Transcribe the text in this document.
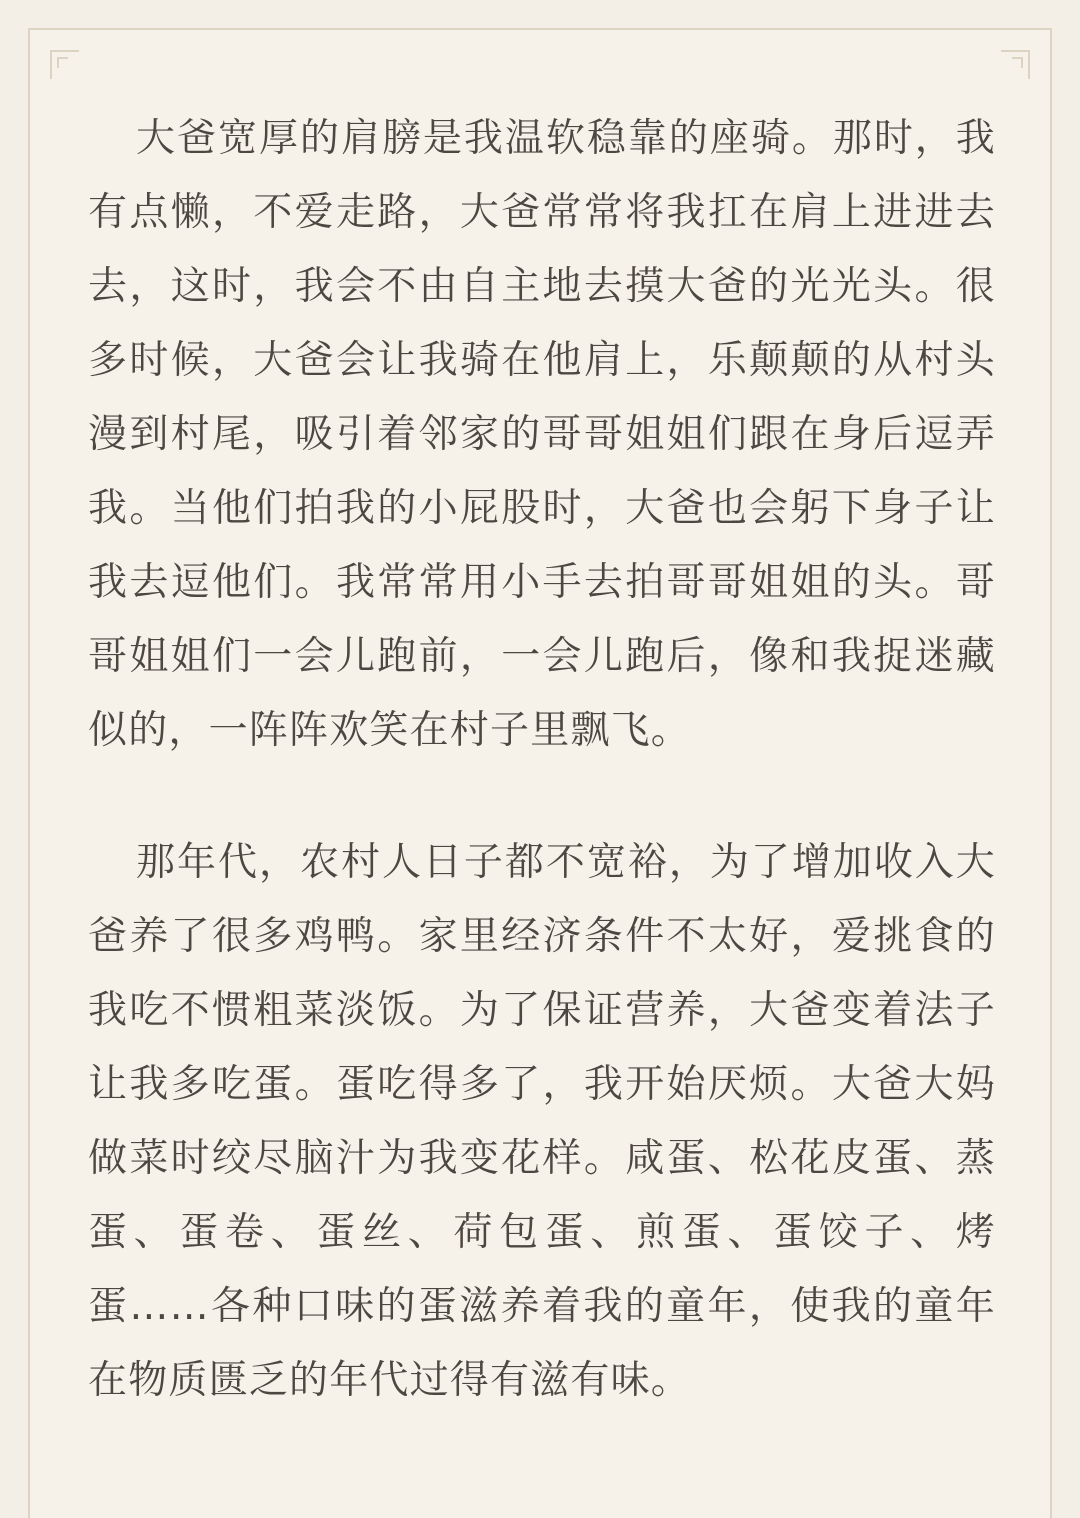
大爸宽厚的肩膀是我温软稳靠的座骑。那时，我有点懒，不爱走路，大爸常常将我扛在肩上进进去去，这时，我会不由自主地去摸大爸的光光头。很多时候，大爸会让我骑在他肩上，乐颠颠的从村头漫到村尾，吸引着邻家的哥哥姐姐们跟在身后逗弄我。当他们拍我的小屁股时，大爸也会躬下身子让我去逗他们。我常常用小手去拍哥哥姐姐的头。哥哥姐姐们一会儿跑前，一会儿跑后，像和我捉迷藏似的，一阵阵欢笑在村子里飘飞。

那年代，农村人日子都不宽裕，为了增加收入大爸养了很多鸡鸭。家里经济条件不太好，爱挑食的我吃不惯粗菜淡饭。为了保证营养，大爸变着法子让我多吃蛋。蛋吃得多了，我开始厌烦。大爸大妈做菜时绞尽脑汁为我变花样。咸蛋、松花皮蛋、蒸蛋、蛋卷、蛋丝、荷包蛋、煎蛋、蛋饺子、烤蛋……各种口味的蛋滋养着我的童年，使我的童年在物质匮乏的年代过得有滋有味。
